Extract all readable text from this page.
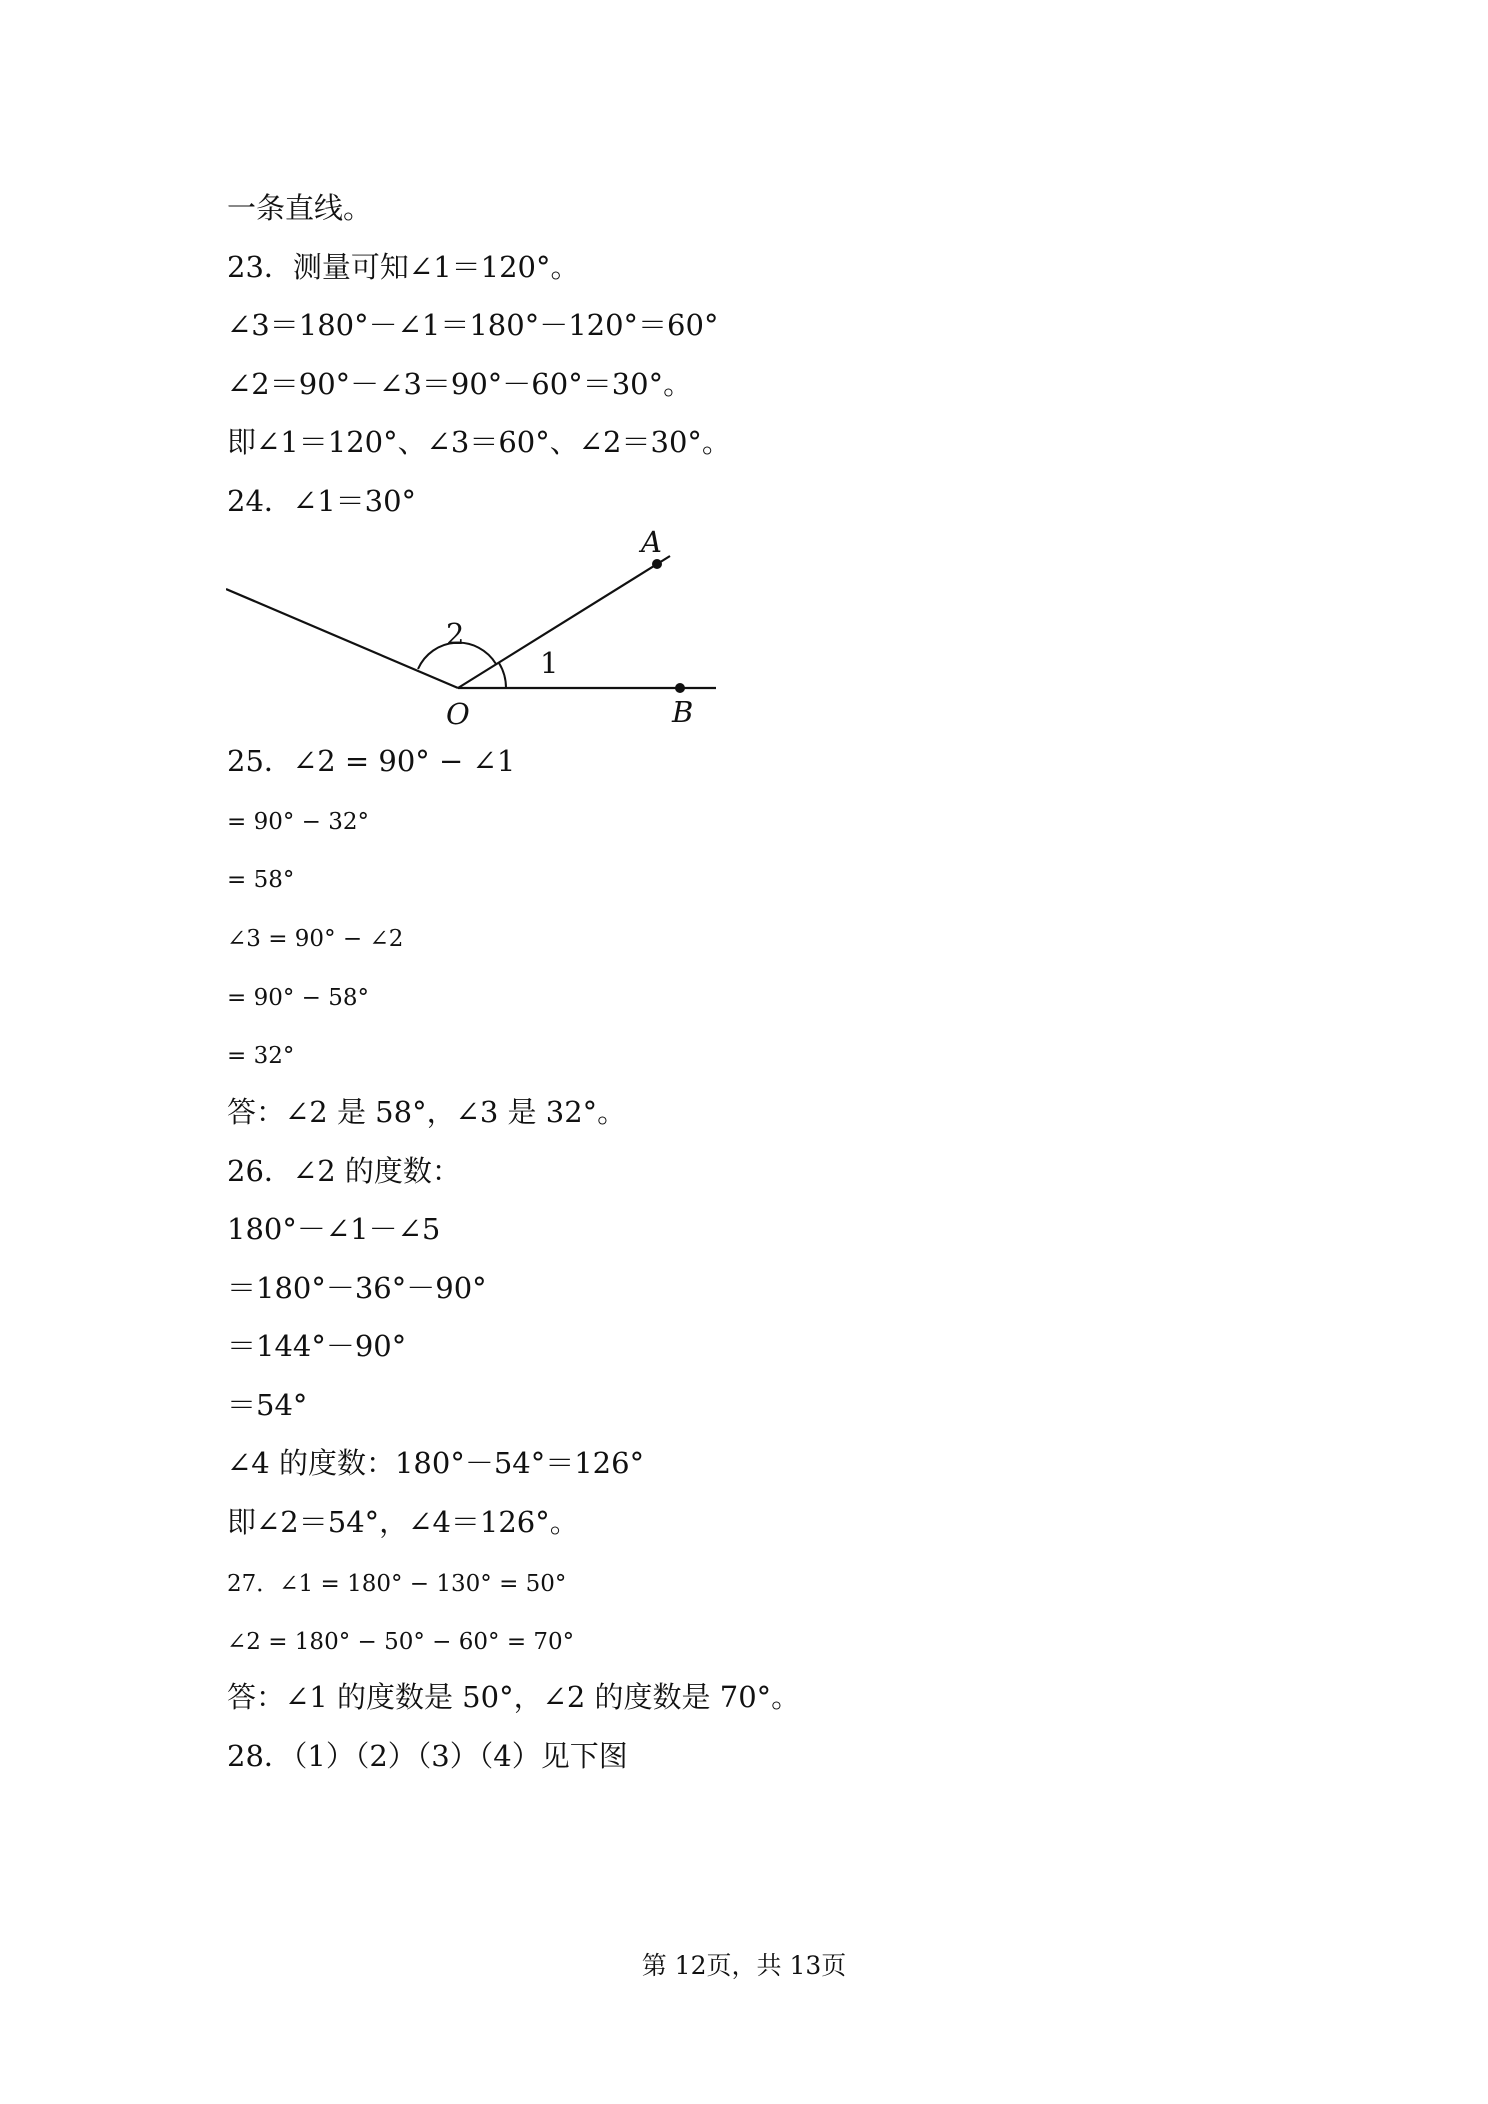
一条直线。
23．测量可知∠1＝120°。
∠3＝180°－∠1＝180°－120°＝60°
∠2＝90°－∠3＝90°－60°＝30°。
即∠1＝120°、∠3＝60°、∠2＝30°。
24．∠1＝30°
A
B
O
1
2
25．∠2 = 90° − ∠1
= 90° − 32°
= 58°
∠3 = 90° − ∠2
= 90° − 58°
= 32°
答：∠2 是 58°，∠3 是 32°。
26．∠2 的度数：
180°－∠1－∠5
＝180°－36°－90°
＝144°－90°
＝54°
∠4 的度数：180°－54°＝126°
即∠2＝54°，∠4＝126°。
27．∠1 = 180° − 130° = 50°
∠2 = 180° − 50° − 60° = 70°
答：∠1 的度数是 50°，∠2 的度数是 70°。
28．（1）（2）（3）（4）见下图
第 12页，共 13页
